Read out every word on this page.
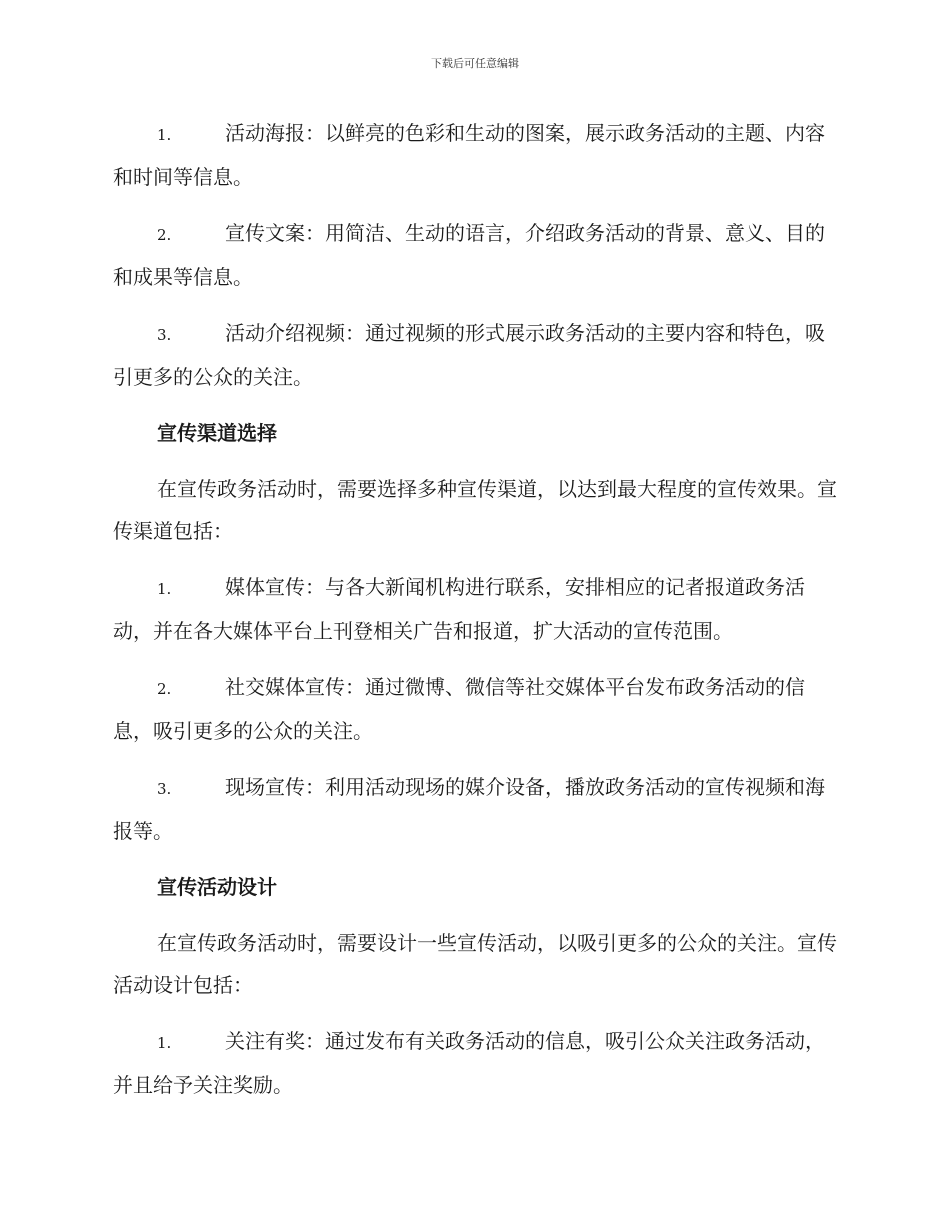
下载后可任意编辑

1.	活动海报：以鲜亮的色彩和生动的图案，展示政务活动的主题、内容和时间等信息。

2.	宣传文案：用简洁、生动的语言，介绍政务活动的背景、意义、目的和成果等信息。

3.	活动介绍视频：通过视频的形式展示政务活动的主要内容和特色，吸引更多的公众的关注。

宣传渠道选择

在宣传政务活动时，需要选择多种宣传渠道，以达到最大程度的宣传效果。宣传渠道包括：

1.	媒体宣传：与各大新闻机构进行联系，安排相应的记者报道政务活动，并在各大媒体平台上刊登相关广告和报道，扩大活动的宣传范围。

2.	社交媒体宣传：通过微博、微信等社交媒体平台发布政务活动的信息，吸引更多的公众的关注。

3.	现场宣传：利用活动现场的媒介设备，播放政务活动的宣传视频和海报等。

宣传活动设计

在宣传政务活动时，需要设计一些宣传活动，以吸引更多的公众的关注。宣传活动设计包括：

1.	关注有奖：通过发布有关政务活动的信息，吸引公众关注政务活动，并且给予关注奖励。
